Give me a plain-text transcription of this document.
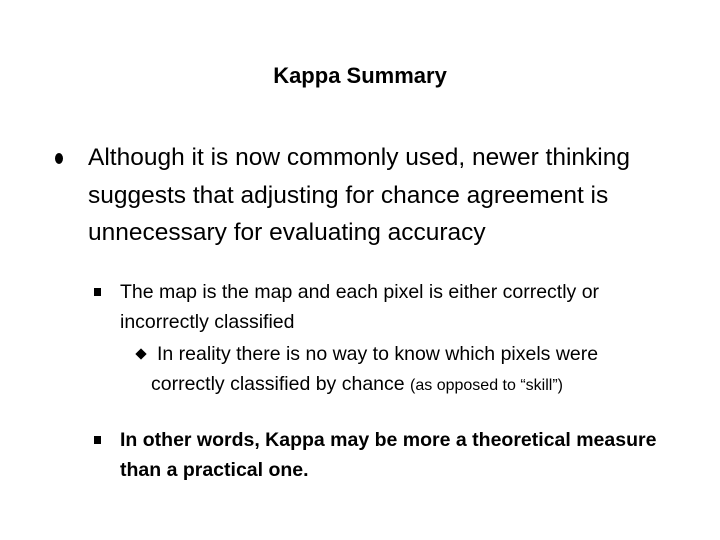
Kappa Summary
Although it is now commonly used, newer thinking suggests that adjusting for chance agreement is unnecessary for evaluating accuracy
The map is the map and each pixel is either correctly or incorrectly classified
In reality there is no way to know which pixels were correctly classified by chance (as opposed to “skill”)
In other words, Kappa may be more a theoretical measure than a practical one.
